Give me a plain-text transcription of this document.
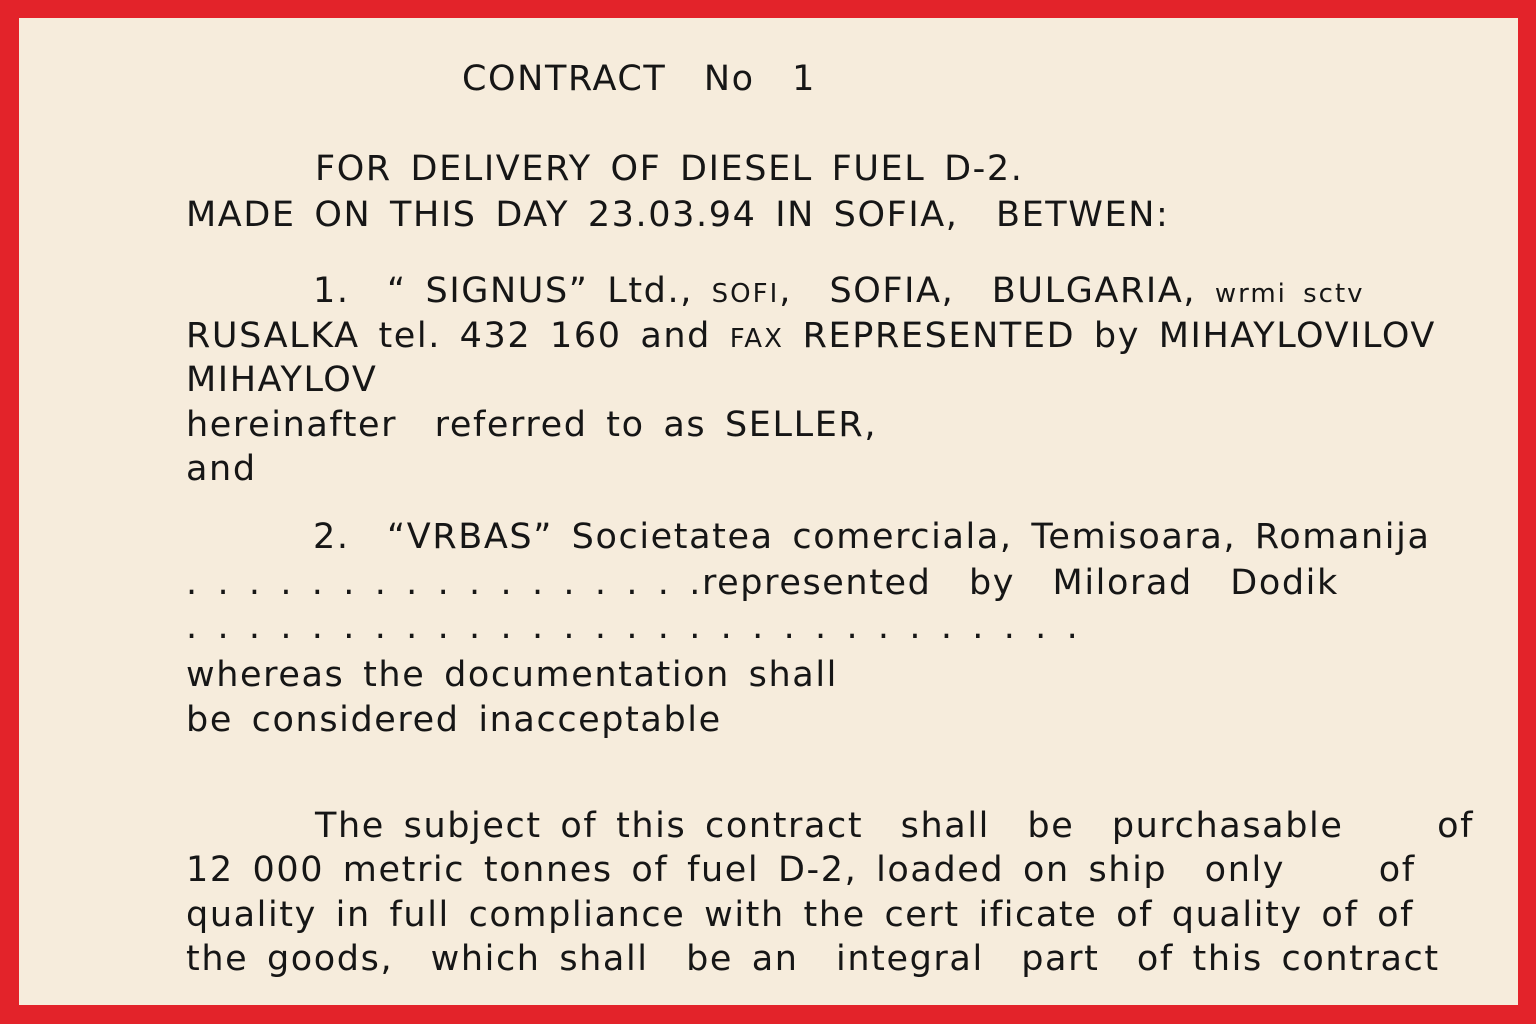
CONTRACT  No  1
FOR DELIVERY OF DIESEL FUEL D-2.
MADE ON THIS DAY 23.03.94 IN SOFIA,  BETWEN:
1.  “ SIGNUS” Ltd., SOFI,  SOFIA,  BULGARIA, wrmi sctv
RUSALKA tel. 432 160 and FAX REPRESENTED by MIHAYLOVILOV
MIHAYLOV
hereinafter  referred to as SELLER,
and
2.  “VRBAS” Societatea comerciala, Temisoara, Romanija
. . . . . . . . . . . . . . . . .represented  by  Milorad  Dodik
. . . . . . . . . . . . . . . . . . . . . . . . . . . . .
whereas the documentation shall
be considered inacceptable
The subject of this contract  shall  be  purchasable     of
12 000 metric tonnes of fuel D-2, loaded on ship  only     of
quality in full compliance with the cert ificate of quality of of
the goods,  which shall  be an  integral  part  of this contract
